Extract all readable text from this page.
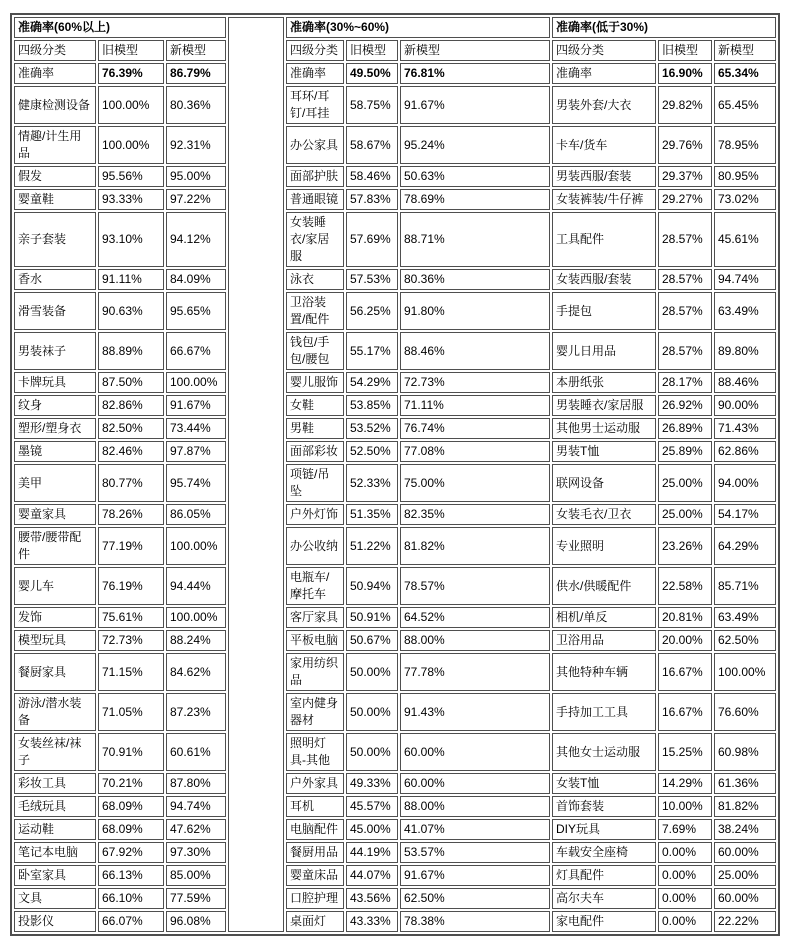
准确率(60%以上)				准确率(30%~60%)			准确率(低于30%)		
四级分类	旧模型	新模型		四级分类	旧模型	新模型	四级分类	旧模型	新模型
准确率	76.39%	86.79%		准确率	49.50%	76.81%	准确率	16.90%	65.34%
健康检测设备	100.00%	80.36%		耳环/耳钉/耳挂	58.75%	91.67%	男装外套/大衣	29.82%	65.45%
情趣/计生用品	100.00%	92.31%		办公家具	58.67%	95.24%	卡车/货车	29.76%	78.95%
假发	95.56%	95.00%		面部护肤	58.46%	50.63%	男装西服/套装	29.37%	80.95%
婴童鞋	93.33%	97.22%		普通眼镜	57.83%	78.69%	女装裤装/牛仔裤	29.27%	73.02%
亲子套装	93.10%	94.12%		女装睡衣/家居服	57.69%	88.71%	工具配件	28.57%	45.61%
香水	91.11%	84.09%		泳衣	57.53%	80.36%	女装西服/套装	28.57%	94.74%
滑雪装备	90.63%	95.65%		卫浴装置/配件	56.25%	91.80%	手提包	28.57%	63.49%
男装袜子	88.89%	66.67%		钱包/手包/腰包	55.17%	88.46%	婴儿日用品	28.57%	89.80%
卡牌玩具	87.50%	100.00%		婴儿服饰	54.29%	72.73%	本册纸张	28.17%	88.46%
纹身	82.86%	91.67%		女鞋	53.85%	71.11%	男装睡衣/家居服	26.92%	90.00%
塑形/塑身衣	82.50%	73.44%		男鞋	53.52%	76.74%	其他男士运动服	26.89%	71.43%
墨镜	82.46%	97.87%		面部彩妆	52.50%	77.08%	男装T恤	25.89%	62.86%
美甲	80.77%	95.74%		项链/吊坠	52.33%	75.00%	联网设备	25.00%	94.00%
婴童家具	78.26%	86.05%		户外灯饰	51.35%	82.35%	女装毛衣/卫衣	25.00%	54.17%
腰带/腰带配件	77.19%	100.00%		办公收纳	51.22%	81.82%	专业照明	23.26%	64.29%
婴儿车	76.19%	94.44%		电瓶车/摩托车	50.94%	78.57%	供水/供暖配件	22.58%	85.71%
发饰	75.61%	100.00%		客厅家具	50.91%	64.52%	相机/单反	20.81%	63.49%
模型玩具	72.73%	88.24%		平板电脑	50.67%	88.00%	卫浴用品	20.00%	62.50%
餐厨家具	71.15%	84.62%		家用纺织品	50.00%	77.78%	其他特种车辆	16.67%	100.00%
游泳/潜水装备	71.05%	87.23%		室内健身器材	50.00%	91.43%	手持加工工具	16.67%	76.60%
女装丝袜/袜子	70.91%	60.61%		照明灯具-其他	50.00%	60.00%	其他女士运动服	15.25%	60.98%
彩妆工具	70.21%	87.80%		户外家具	49.33%	60.00%	女装T恤	14.29%	61.36%
毛绒玩具	68.09%	94.74%		耳机	45.57%	88.00%	首饰套装	10.00%	81.82%
运动鞋	68.09%	47.62%		电脑配件	45.00%	41.07%	DIY玩具	7.69%	38.24%
笔记本电脑	67.92%	97.30%		餐厨用品	44.19%	53.57%	车载安全座椅	0.00%	60.00%
卧室家具	66.13%	85.00%		婴童床品	44.07%	91.67%	灯具配件	0.00%	25.00%
文具	66.10%	77.59%		口腔护理	43.56%	62.50%	高尔夫车	0.00%	60.00%
投影仪	66.07%	96.08%		桌面灯	43.33%	78.38%	家电配件	0.00%	22.22%
